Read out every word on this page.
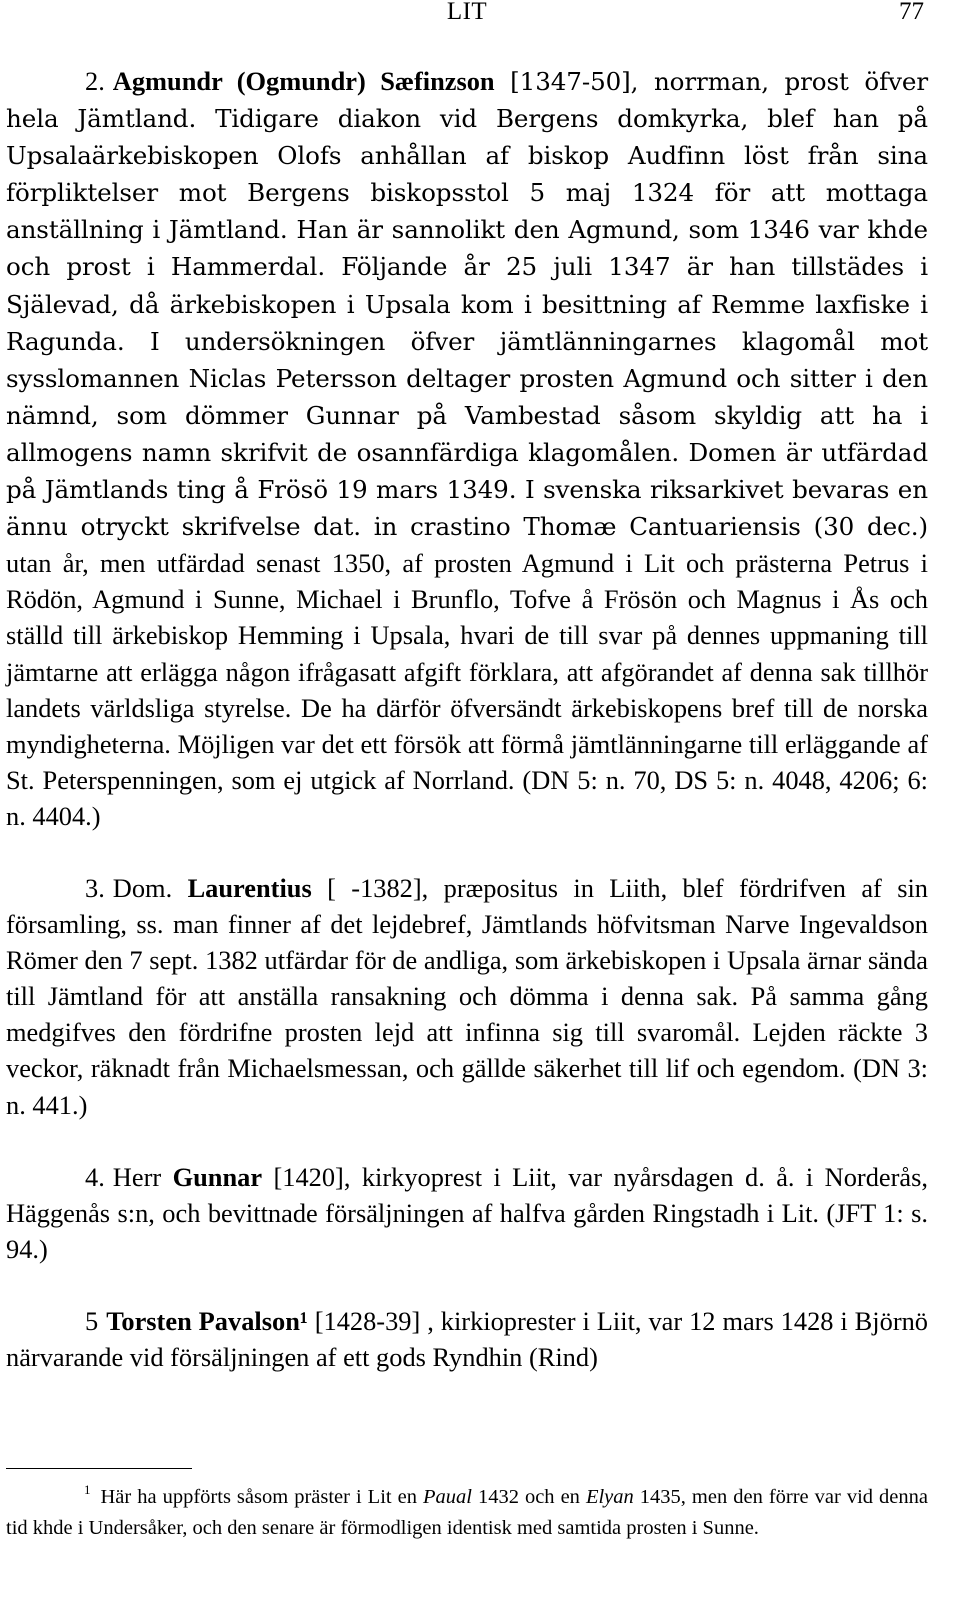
LIT	77

2. Agmundr (Ogmundr) Sæfinzson [1347-50], norrman, prost öfver hela Jämtland. Tidigare diakon vid Bergens domkyrka, blef han på Upsalaärkebiskopen Olofs anhållan af biskop Audfinn löst från sina förpliktelser mot Bergens biskopsstol 5 maj 1324 för att mottaga anställning i Jämtland. Han är sannolikt den Agmund, som 1346 var khde och prost i Hammerdal. Följande år 25 juli 1347 är han tillstädes i Själevad, då ärkebiskopen i Upsala kom i besittning af Remme laxfiske i Ragunda. I undersökningen öfver jämtlänningarnes klagomål mot sysslomannen Niclas Petersson deltager prosten Agmund och sitter i den nämnd, som dömmer Gunnar på Vambestad såsom skyldig att ha i allmogens namn skrifvit de osannfärdiga klagomålen. Domen är utfärdad på Jämtlands ting å Frösö 19 mars 1349. I svenska riksarkivet bevaras en ännu otryckt skrifvelse dat. in crastino Thomæ Cantuariensis (30 dec.) utan år, men utfärdad senast 1350, af prosten Agmund i Lit och prästerna Petrus i Rödön, Agmund i Sunne, Michael i Brunflo, Tofve å Frösön och Magnus i Ås och ställd till ärkebiskop Hemming i Upsala, hvari de till svar på dennes uppmaning till jämtarne att erlägga någon ifrågasatt afgift förklara, att afgörandet af denna sak tillhör landets världsliga styrelse. De ha därför öfversändt ärkebiskopens bref till de norska myndigheterna. Möjligen var det ett försök att förmå jämtlänningarne till erläggande af St. Peterspenningen, som ej utgick af Norrland. (DN 5: n. 70, DS 5: n. 4048, 4206; 6: n. 4404.)

3. Dom. Laurentius [ -1382], præpositus in Liith, blef fördrifven af sin församling, ss. man finner af det lejdebref, Jämtlands höfvitsman Narve Ingevaldson Römer den 7 sept. 1382 utfärdar för de andliga, som ärkebiskopen i Upsala ärnar sända till Jämtland för att anställa ransakning och dömma i denna sak. På samma gång medgifves den fördrifne prosten lejd att infinna sig till svaromål. Lejden räckte 3 veckor, räknadt från Michaelsmessan, och gällde säkerhet till lif och egendom. (DN 3: n. 441.)

4. Herr Gunnar [1420], kirkyoprest i Liit, var nyårsdagen d. å. i Norderås, Häggenås s:n, och bevittnade försäljningen af halfva gården Ringstadh i Lit. (JFT 1: s. 94.)

5 Torsten Pavalson¹ [1428-39] , kirkioprester i Liit, var 12 mars 1428 i Björnö närvarande vid försäljningen af ett gods Ryndhin (Rind)

$^1$ Här ha uppförts såsom präster i Lit en Paual 1432 och en Elyan 1435, men den förre var vid denna tid khde i Undersåker, och den senare är förmodligen identisk med samtida prosten i Sunne.
